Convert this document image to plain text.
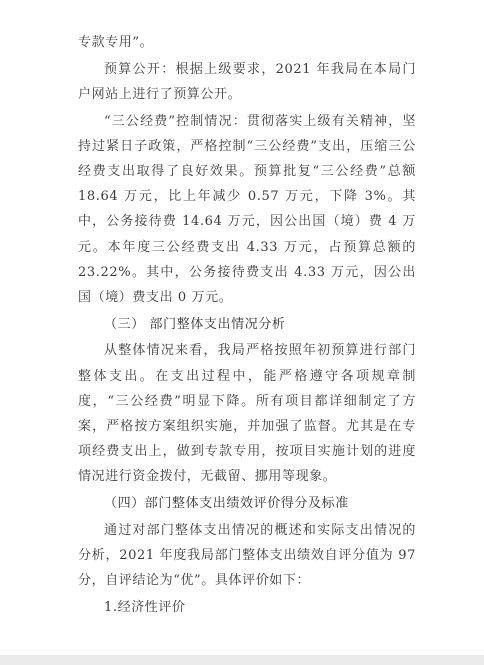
专款专用”。

预算公开：根据上级要求，2021 年我局在本局门户网站上进行了预算公开。

“三公经费”控制情况：贯彻落实上级有关精神，坚持过紧日子政策，严格控制“三公经费”支出，压缩三公经费支出取得了良好效果。预算批复“三公经费”总额 18.64 万元，比上年减少 0.57 万元，下降 3%。其中，公务接待费 14.64 万元，因公出国（境）费 4 万元。本年度三公经费支出 4.33 万元，占预算总额的 23.22%。其中，公务接待费支出 4.33 万元，因公出国（境）费支出 0 万元。

（三） 部门整体支出情况分析

从整体情况来看，我局严格按照年初预算进行部门整体支出。在支出过程中，能严格遵守各项规章制度，“三公经费”明显下降。所有项目都详细制定了方案，严格按方案组织实施，并加强了监督。尤其是在专项经费支出上，做到专款专用，按项目实施计划的进度情况进行资金拨付，无截留、挪用等现象。

（四）部门整体支出绩效评价得分及标准

通过对部门整体支出情况的概述和实际支出情况的分析，2021 年度我局部门整体支出绩效自评分值为 97 分，自评结论为“优”。具体评价如下：

1.经济性评价
